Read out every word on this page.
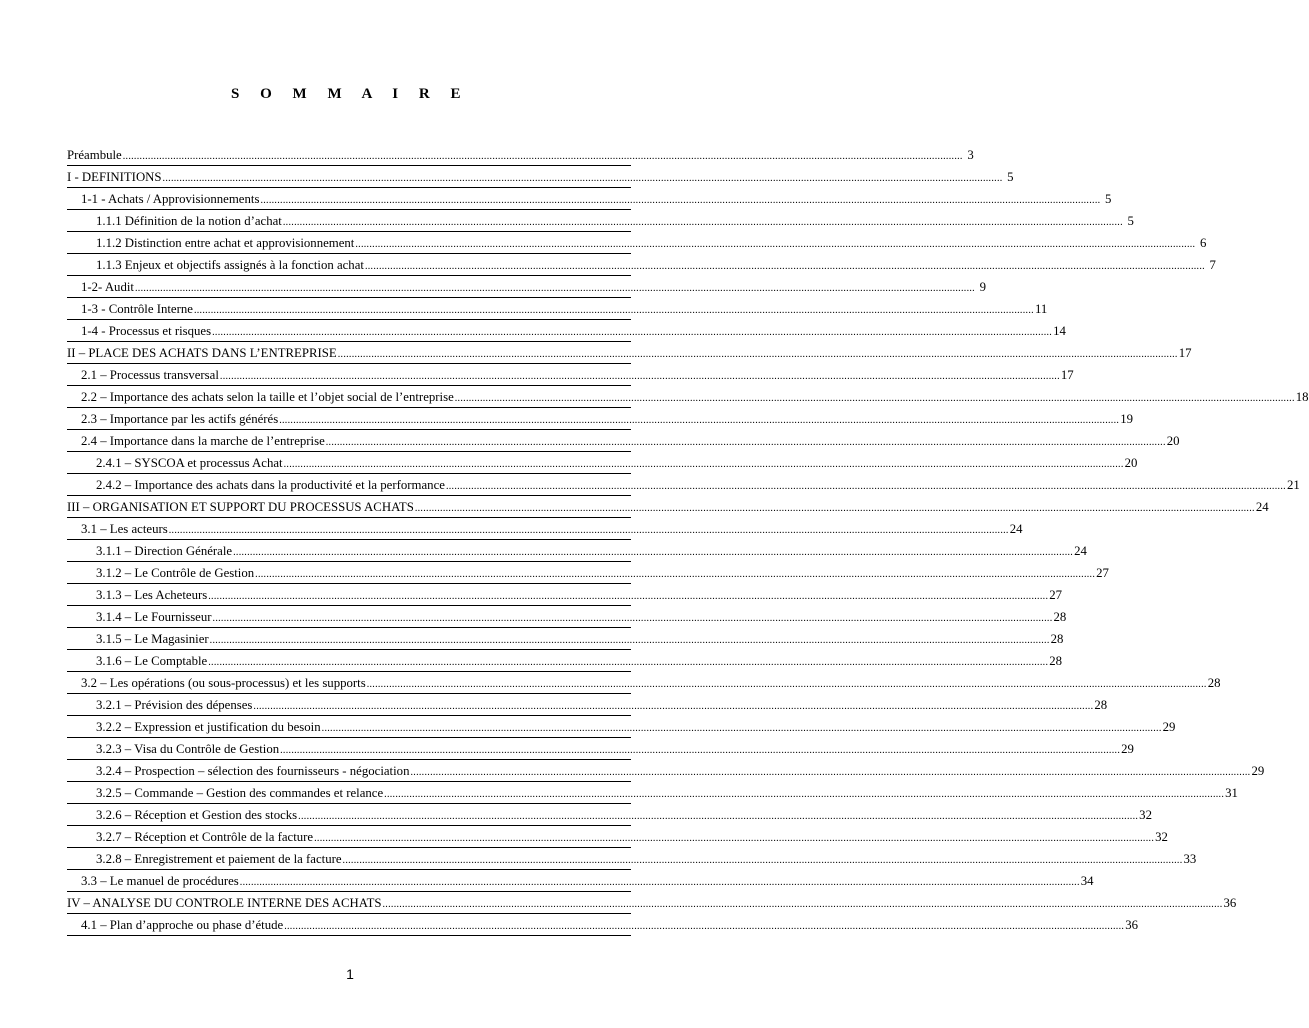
S O M M A I R E
Préambule ............................................................................................................................................................................................................................................................................................................ 3
I - DEFINITIONS ............................................................................................................................................................................................................................................................................................................ 5
1-1 - Achats / Approvisionnements ............................................................................................................................................................................................................................................................................................................ 5
1.1.1 Définition de la notion d’achat ............................................................................................................................................................................................................................................................................................................ 5
1.1.2 Distinction entre achat et approvisionnement ............................................................................................................................................................................................................................................................................................................ 6
1.1.3 Enjeux et objectifs assignés à la fonction achat ............................................................................................................................................................................................................................................................................................................ 7
1-2- Audit ............................................................................................................................................................................................................................................................................................................ 9
1-3 - Contrôle Interne ............................................................................................................................................................................................................................................................................................................ 11
1-4 - Processus et risques ............................................................................................................................................................................................................................................................................................................ 14
II – PLACE DES ACHATS DANS L’ENTREPRISE ............................................................................................................................................................................................................................................................................................................ 17
2.1 – Processus transversal ............................................................................................................................................................................................................................................................................................................ 17
2.2 – Importance des achats selon la taille et l’objet social de l’entreprise ............................................................................................................................................................................................................................................................................................................ 18
2.3 – Importance par les actifs générés ............................................................................................................................................................................................................................................................................................................ 19
2.4 – Importance dans la marche de l’entreprise ............................................................................................................................................................................................................................................................................................................ 20
2.4.1 – SYSCOA et processus Achat ............................................................................................................................................................................................................................................................................................................ 20
2.4.2 – Importance des achats dans la productivité et la performance ............................................................................................................................................................................................................................................................................................................ 21
III – ORGANISATION ET SUPPORT DU PROCESSUS ACHATS ............................................................................................................................................................................................................................................................................................................ 24
3.1 – Les acteurs ............................................................................................................................................................................................................................................................................................................ 24
3.1.1 – Direction Générale ............................................................................................................................................................................................................................................................................................................ 24
3.1.2 – Le Contrôle de Gestion ............................................................................................................................................................................................................................................................................................................ 27
3.1.3 – Les Acheteurs ............................................................................................................................................................................................................................................................................................................ 27
3.1.4 – Le Fournisseur ............................................................................................................................................................................................................................................................................................................ 28
3.1.5 – Le Magasinier ............................................................................................................................................................................................................................................................................................................ 28
3.1.6 – Le Comptable ............................................................................................................................................................................................................................................................................................................ 28
3.2 – Les opérations (ou sous-processus) et les supports ............................................................................................................................................................................................................................................................................................................ 28
3.2.1 – Prévision des dépenses ............................................................................................................................................................................................................................................................................................................ 28
3.2.2 – Expression et justification du besoin ............................................................................................................................................................................................................................................................................................................ 29
3.2.3 – Visa du Contrôle de Gestion ............................................................................................................................................................................................................................................................................................................ 29
3.2.4 – Prospection – sélection des fournisseurs - négociation ............................................................................................................................................................................................................................................................................................................ 29
3.2.5 – Commande – Gestion des commandes et relance ............................................................................................................................................................................................................................................................................................................ 31
3.2.6 – Réception et Gestion des stocks ............................................................................................................................................................................................................................................................................................................ 32
3.2.7 – Réception et Contrôle de la facture ............................................................................................................................................................................................................................................................................................................ 32
3.2.8 – Enregistrement et paiement de la facture ............................................................................................................................................................................................................................................................................................................ 33
3.3 – Le manuel de procédures ............................................................................................................................................................................................................................................................................................................ 34
IV – ANALYSE DU CONTROLE INTERNE DES ACHATS ............................................................................................................................................................................................................................................................................................................ 36
4.1 – Plan d’approche ou phase d’étude ............................................................................................................................................................................................................................................................................................................ 36
1
